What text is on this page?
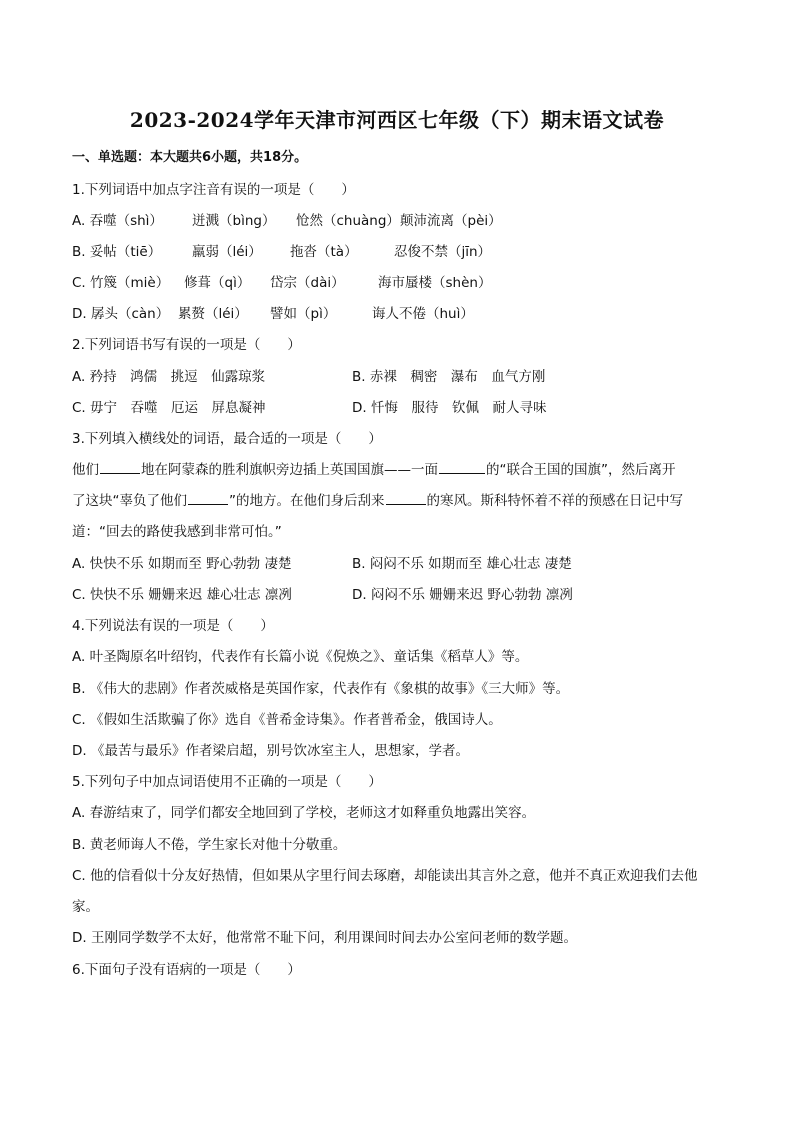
2023-2024学年天津市河西区七年级（下）期末语文试卷
一、单选题：本大题共6小题，共18分。
1.下列词语中加点字注音有误的一项是（　　）
A. 吞噬（shì） 迸溅（bìng） 怆然（chuàng）颠沛流离（pèi）
B. 妥帖（tiē） 羸弱（léi） 拖沓（tà）	忍俊不禁（jīn）
C. 竹篾（miè） 修葺（qì） 岱宗（dài） 海市蜃楼（shèn）
D. 孱头（càn） 累赘（léi） 譬如（pì）	诲人不倦（huì）
2.下列词语书写有误的一项是（　　）
A. 矜持　鸿儒　挑逗　仙露琼浆	B. 赤裸　稠密　瀑布　血气方刚
C. 毋宁　吞噬　厄运　屏息凝神	D. 忏悔　服待　钦佩　耐人寻味
3.下列填入横线处的词语，最合适的一项是（　　）
他们	地在阿蒙森的胜利旗帜旁边插上英国国旗——一面	的“联合王国的国旗”，然后离开
了这块“辜负了他们	”的地方。在他们身后刮来	的寒风。斯科特怀着不祥的预感在日记中写
道：“回去的路使我感到非常可怕。”
A. 快快不乐 如期而至 野心勃勃 凄楚	B. 闷闷不乐 如期而至 雄心壮志 凄楚
C. 快快不乐 姗姗来迟 雄心壮志 凛冽	D. 闷闷不乐 姗姗来迟 野心勃勃 凛冽
4.下列说法有误的一项是（　　）
A. 叶圣陶原名叶绍钧，代表作有长篇小说《倪焕之》、童话集《稻草人》等。
B. 《伟大的悲剧》作者茨威格是英国作家，代表作有《象棋的故事》《三大师》等。
C. 《假如生活欺骗了你》选自《普希金诗集》。作者普希金，俄国诗人。
D. 《最苦与最乐》作者梁启超，别号饮冰室主人，思想家，学者。
5.下列句子中加点词语使用不正确的一项是（　　）
A. 春游结束了，同学们都安全地回到了学校，老师这才如释重负地露出笑容。
B. 黄老师诲人不倦，学生家长对他十分敬重。
C. 他的信看似十分友好热情，但如果从字里行间去琢磨，却能读出其言外之意，他并不真正欢迎我们去他
家。
D. 王刚同学数学不太好，他常常不耻下问，利用课间时间去办公室问老师的数学题。
6.下面句子没有语病的一项是（　　）
